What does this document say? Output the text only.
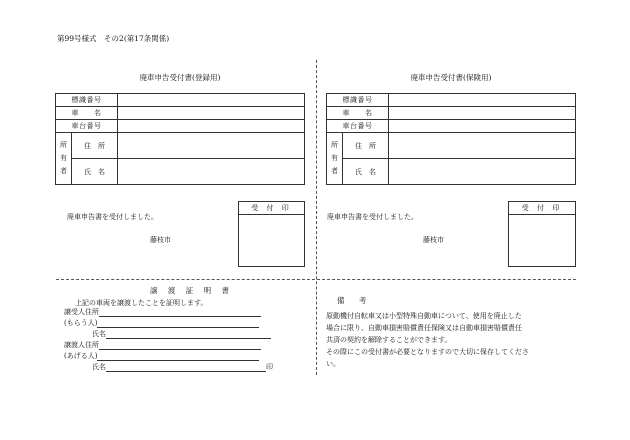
第99号様式　その2(第17条関係)
廃車申告受付書(登録用)
標識番号		
車　　名		
車台番号		
所
有
者	住　所	
	氏　名	
廃車申告書を受付しました。
藤枝市
受 付 印
廃車申告受付書(保険用)
標識番号		
車　　名		
車台番号		
所
有
者	住　所	
	氏　名	
廃車申告書を受付しました。
藤枝市
受 付 印
譲 渡 証 明 書
上記の車両を譲渡したことを証明します。
譲受人住所
(もらう人)
氏名
譲渡人住所
(あげる人)
氏名	印
備 考
原動機付自転車又は小型特殊自動車について、使用を廃止した
場合に限り、自動車損害賠償責任保険又は自動車損害賠償責任
共済の契約を解除することができます。
その際にこの受付書が必要となりますので大切に保存してくださ
い。
